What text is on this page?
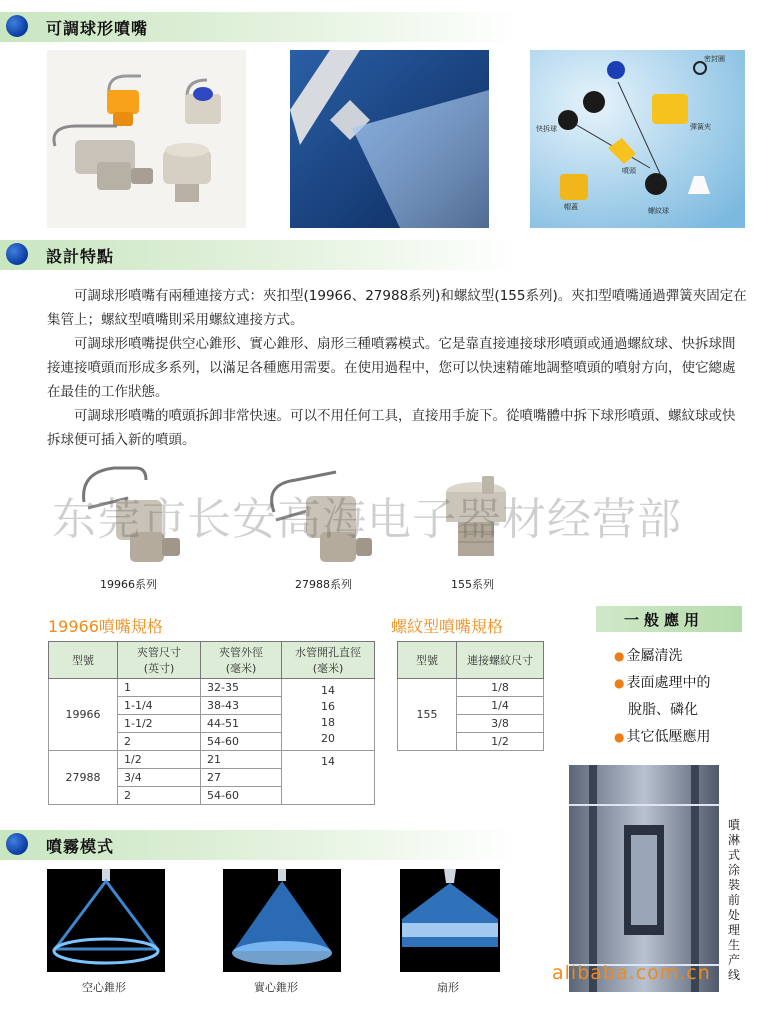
可調球形噴嘴
密封圈
快拆球	彈簧夾
噴頭
帽蓋	螺紋球
設計特點

可調球形噴嘴有兩種連接方式：夾扣型(19966、27988系列)和螺紋型(155系列)。夾扣型噴嘴通過彈簧夾固定在集管上；螺紋型噴嘴則采用螺紋連接方式。

可調球形噴嘴提供空心錐形、實心錐形、扇形三種噴霧模式。它是靠直接連接球形噴頭或通過螺紋球、快拆球間接連接噴頭而形成多系列，以滿足各種應用需要。在使用過程中，您可以快速精確地調整噴頭的噴射方向，使它總處在最佳的工作狀態。

可調球形噴嘴的噴頭拆卸非常快速。可以不用任何工具，直接用手旋下。從噴嘴體中拆下球形噴頭、螺紋球或快拆球便可插入新的噴頭。

东莞市长安高海电子器材经营部
19966系列	27988系列	155系列
19966噴嘴規格
型號	夾管尺寸
(英寸)	夾管外徑
(毫米)	水管開孔直徑
(毫米)
19966	1	32-35	14
16
18
20

	1-1/4	38-43	
	1-1/2	44-51	
	2	54-60	
27988	1/2	21	14
	3/4	27	
	2	54-60	
螺紋型噴嘴規格
型號	連接螺紋尺寸
155	1/8
	1/4
	3/8
	1/2
一般應用
● 金屬清洗
● 表面處理中的
脫脂、磷化
● 其它低壓應用
噴淋式涂裝前处理生产线
噴霧模式
空心錐形	實心錐形	扇形
alibaba.com.cn
